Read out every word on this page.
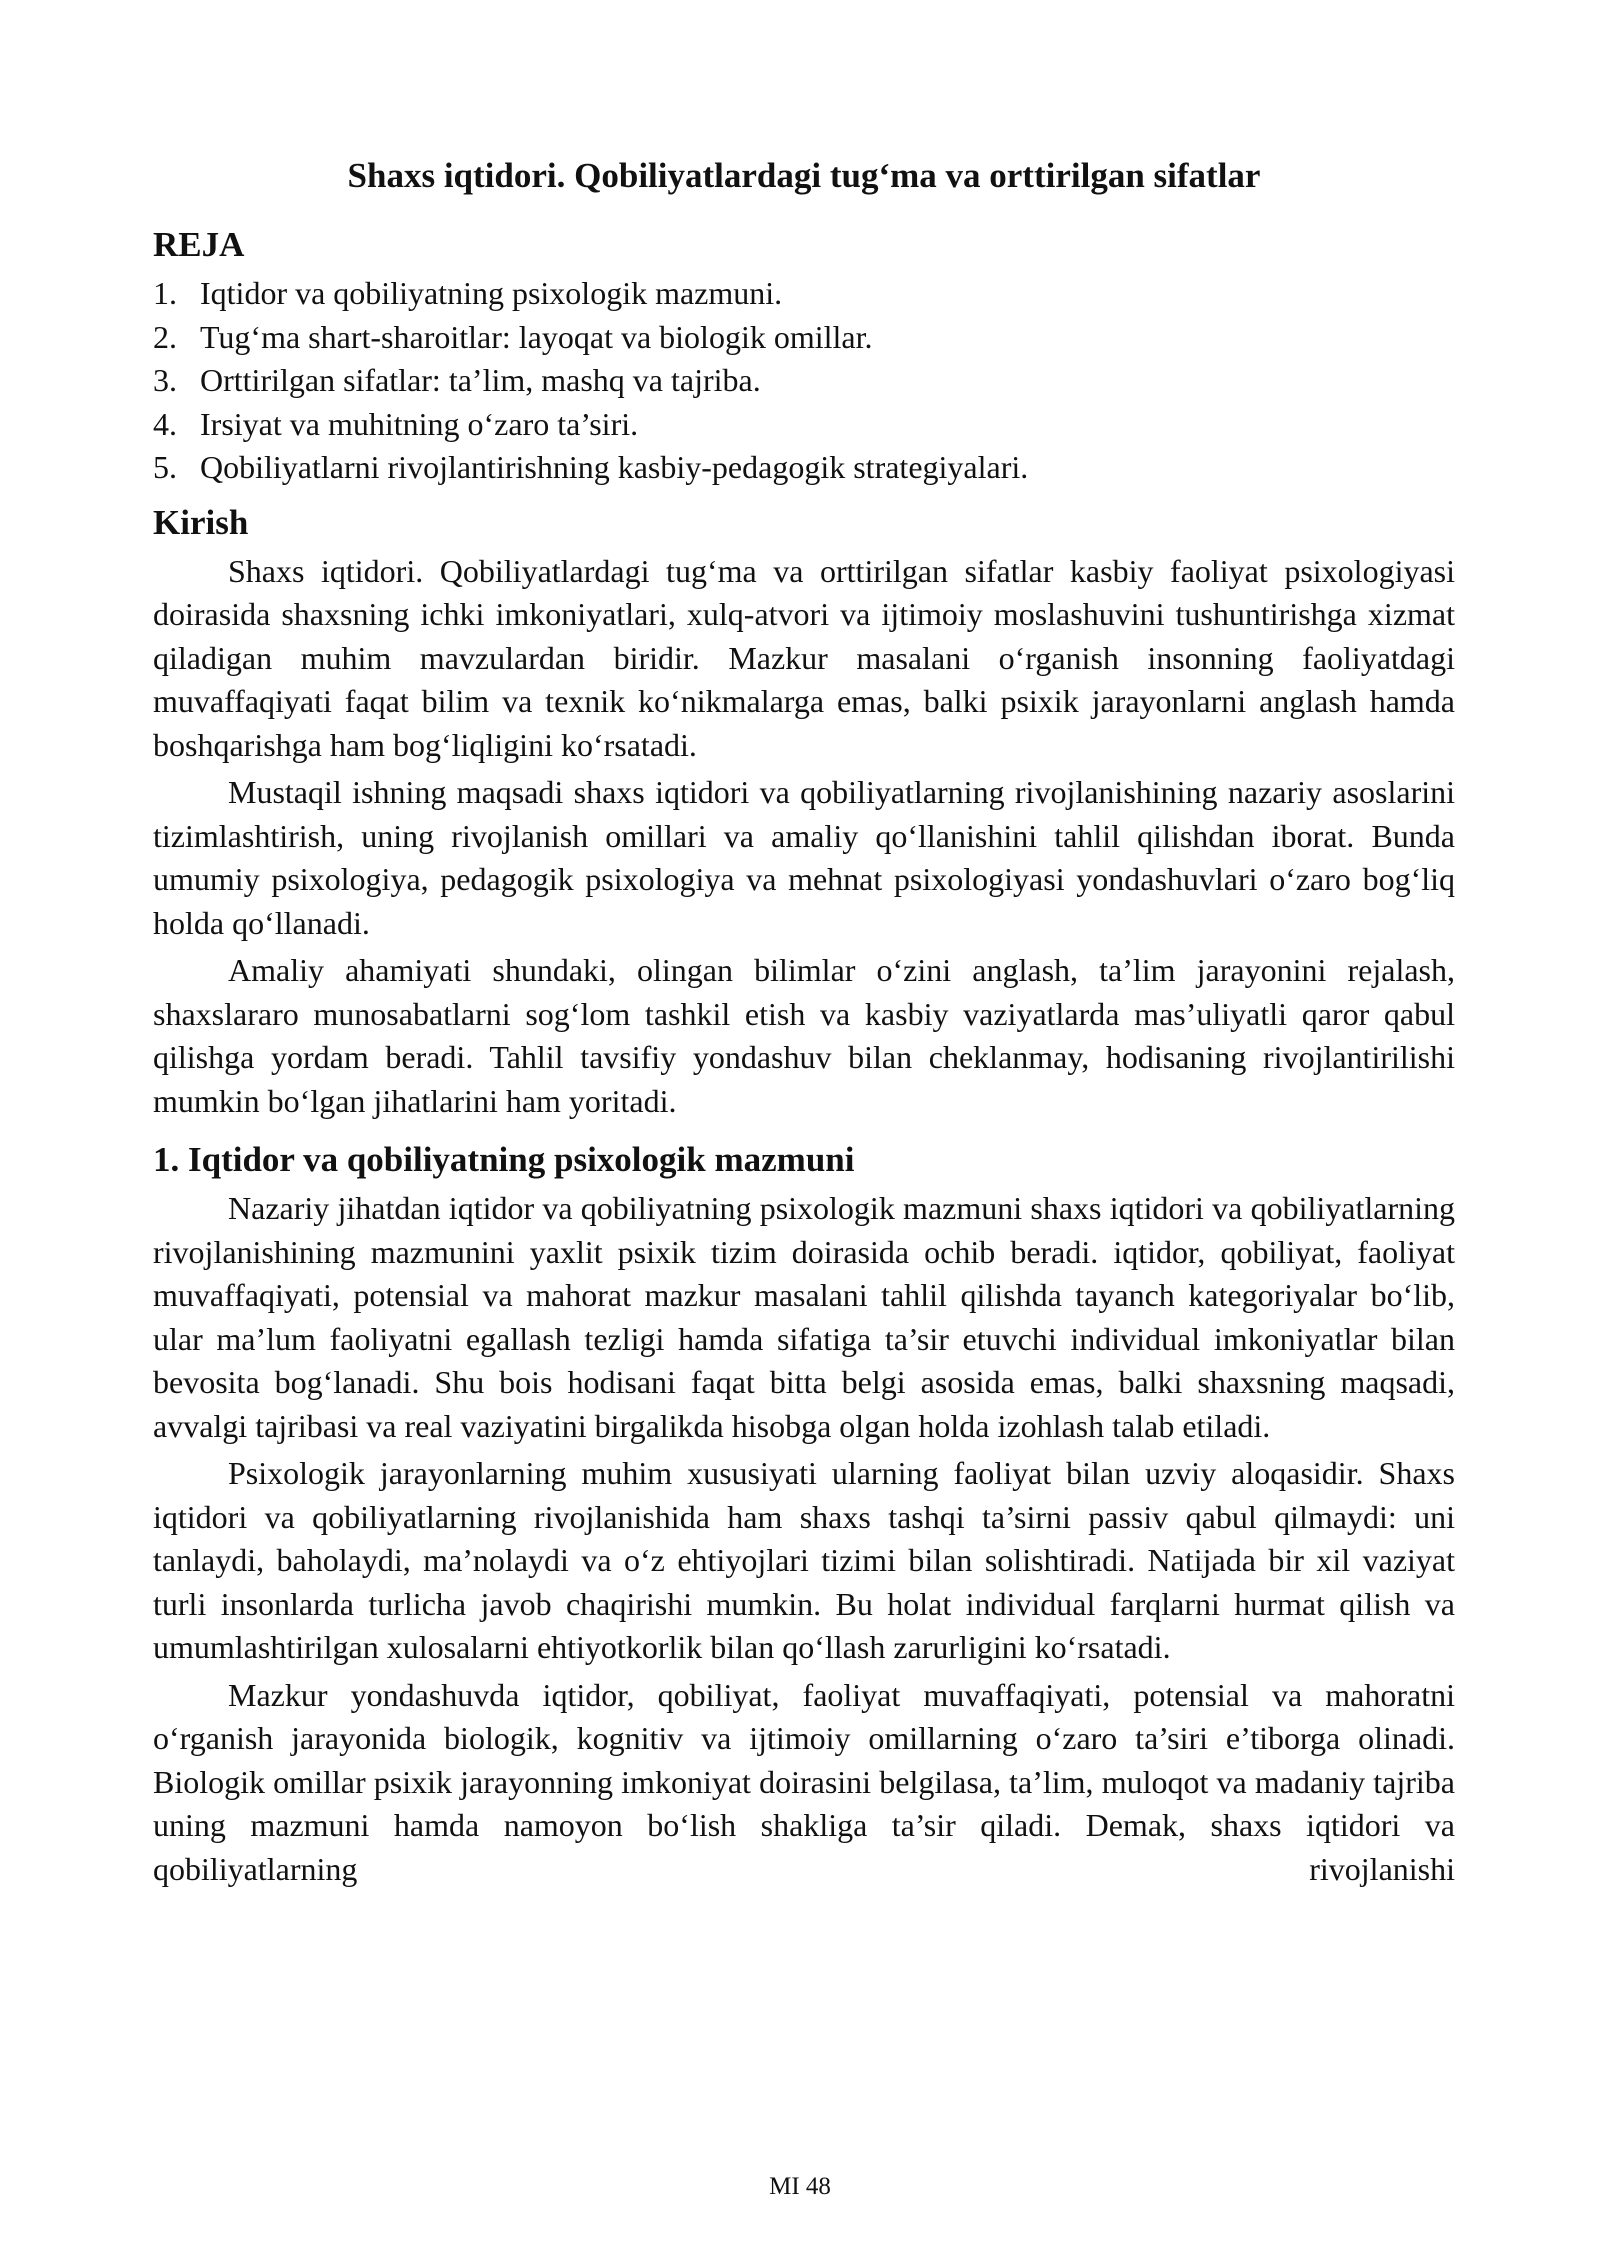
Shaxs iqtidori. Qobiliyatlardagi tug‘ma va orttirilgan sifatlar
REJA
1. Iqtidor va qobiliyatning psixologik mazmuni.
2. Tug‘ma shart-sharoitlar: layoqat va biologik omillar.
3. Orttirilgan sifatlar: ta’lim, mashq va tajriba.
4. Irsiyat va muhitning o‘zaro ta’siri.
5. Qobiliyatlarni rivojlantirishning kasbiy-pedagogik strategiyalari.
Kirish

Shaxs iqtidori. Qobiliyatlardagi tug‘ma va orttirilgan sifatlar kasbiy faoliyat psixologiyasi doirasida shaxsning ichki imkoniyatlari, xulq-atvori va ijtimoiy moslashuvini tushuntirishga xizmat qiladigan muhim mavzulardan biridir. Mazkur masalani o‘rganish insonning faoliyatdagi muvaffaqiyati faqat bilim va texnik ko‘nikmalarga emas, balki psixik jarayonlarni anglash hamda boshqarishga ham bog‘liqligini ko‘rsatadi.

Mustaqil ishning maqsadi shaxs iqtidori va qobiliyatlarning rivojlanishining nazariy asoslarini tizimlashtirish, uning rivojlanish omillari va amaliy qo‘llanishini tahlil qilishdan iborat. Bunda umumiy psixologiya, pedagogik psixologiya va mehnat psixologiyasi yondashuvlari o‘zaro bog‘liq holda qo‘llanadi.

Amaliy ahamiyati shundaki, olingan bilimlar o‘zini anglash, ta’lim jarayonini rejalash, shaxslararo munosabatlarni sog‘lom tashkil etish va kasbiy vaziyatlarda mas’uliyatli qaror qabul qilishga yordam beradi. Tahlil tavsifiy yondashuv bilan cheklanmay, hodisaning rivojlantirilishi mumkin bo‘lgan jihatlarini ham yoritadi.

1. Iqtidor va qobiliyatning psixologik mazmuni

Nazariy jihatdan iqtidor va qobiliyatning psixologik mazmuni shaxs iqtidori va qobiliyatlarning rivojlanishining mazmunini yaxlit psixik tizim doirasida ochib beradi. iqtidor, qobiliyat, faoliyat muvaffaqiyati, potensial va mahorat mazkur masalani tahlil qilishda tayanch kategoriyalar bo‘lib, ular ma’lum faoliyatni egallash tezligi hamda sifatiga ta’sir etuvchi individual imkoniyatlar bilan bevosita bog‘lanadi. Shu bois hodisani faqat bitta belgi asosida emas, balki shaxsning maqsadi, avvalgi tajribasi va real vaziyatini birgalikda hisobga olgan holda izohlash talab etiladi.

Psixologik jarayonlarning muhim xususiyati ularning faoliyat bilan uzviy aloqasidir. Shaxs iqtidori va qobiliyatlarning rivojlanishida ham shaxs tashqi ta’sirni passiv qabul qilmaydi: uni tanlaydi, baholaydi, ma’nolaydi va o‘z ehtiyojlari tizimi bilan solishtiradi. Natijada bir xil vaziyat turli insonlarda turlicha javob chaqirishi mumkin. Bu holat individual farqlarni hurmat qilish va umumlashtirilgan xulosalarni ehtiyotkorlik bilan qo‘llash zarurligini ko‘rsatadi.

Mazkur yondashuvda iqtidor, qobiliyat, faoliyat muvaffaqiyati, potensial va mahoratni o‘rganish jarayonida biologik, kognitiv va ijtimoiy omillarning o‘zaro ta’siri e’tiborga olinadi. Biologik omillar psixik jarayonning imkoniyat doirasini belgilasa, ta’lim, muloqot va madaniy tajriba uning mazmuni hamda namoyon bo‘lish shakliga ta’sir qiladi. Demak, shaxs iqtidori va qobiliyatlarning rivojlanishi

MI 48
